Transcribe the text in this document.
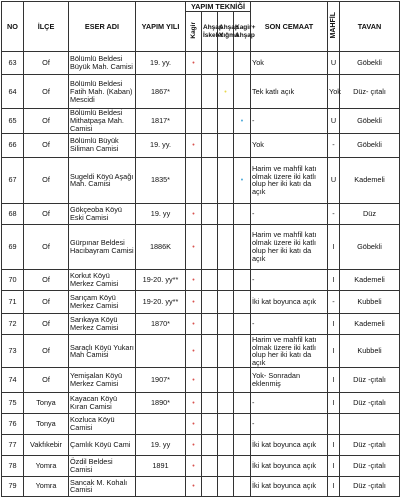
NO	İLÇE	ESER ADI	YAPIM YILI	YAPIM TEKNİĞİ				SON CEMAAT	MAHFİL	TAVAN
				Kagir	Ahşap İskelet	Ahşap Yığma	Kagir+ Ahşap			
63	Of	Bölümlü Beldesi Büyük Mah. Camisi	19. yy.	•				Yok	U	Göbekli
64	Of	Bölümlü Beldesi Fatih Mah. (Kaban) Mescidi	1867*			•		Tek katlı açık	Yok	Düz- çıtalı
65	Of	Bölümlü Beldesi Mithatpaşa Mah. Camisi	1817*				•	-	U	Göbekli
66	Of	Bölümlü Büyük Siliman Camisi	19. yy.	•				Yok	-	Göbekli
67	Of	Sugeldi Köyü Aşağı Mah. Camisi	1835*				•	Harim ve mahfil katı olmak üzere iki katlı olup her iki katı da açık	U	Kademeli
68	Of	Gökçeoba Köyü Eski Camisi	19. yy	•				-	-	Düz
69	Of	Gürpınar Beldesi Hacıbayram Camisi	1886K	•				Harim ve mahfil katı olmak üzere iki katlı olup her iki katı da açık	I	Göbekli
70	Of	Korkut Köyü Merkez Camisi	19-20. yy**	•				-	I	Kademeli
71	Of	Sarıçam Köyü Merkez Camisi	19-20. yy**	•				İki kat boyunca açık	-	Kubbeli
72	Of	Sarıkaya Köyü Merkez Camisi	1870*	•				-	I	Kademeli
73	Of	Saraçlı Köyü Yukarı Mah Camisi		•				Harim ve mahfil katı olmak üzere iki katlı olup her iki katı da açık	I	Kubbeli
74	Of	Yemişalan Köyü Merkez Camisi	1907*	•				Yok- Sonradan eklenmiş	I	Düz -çıtalı
75	Tonya	Kayacan Köyü Kıran Camisi	1890*	•				-	I	Düz -çıtalı
76	Tonya	Kozluca Köyü Camisi		•				-		
77	Vakfıkebir	Çamlık Köyü Cami	19. yy	•				İki kat boyunca açık	I	Düz -çıtalı
78	Yomra	Özdil Beldesi Camisi	1891	•				İki kat boyunca açık	I	Düz -çıtalı
79	Yomra	Sancak M. Kohalı Camisi		•				İki kat boyunca açık	I	Düz -çıtalı
